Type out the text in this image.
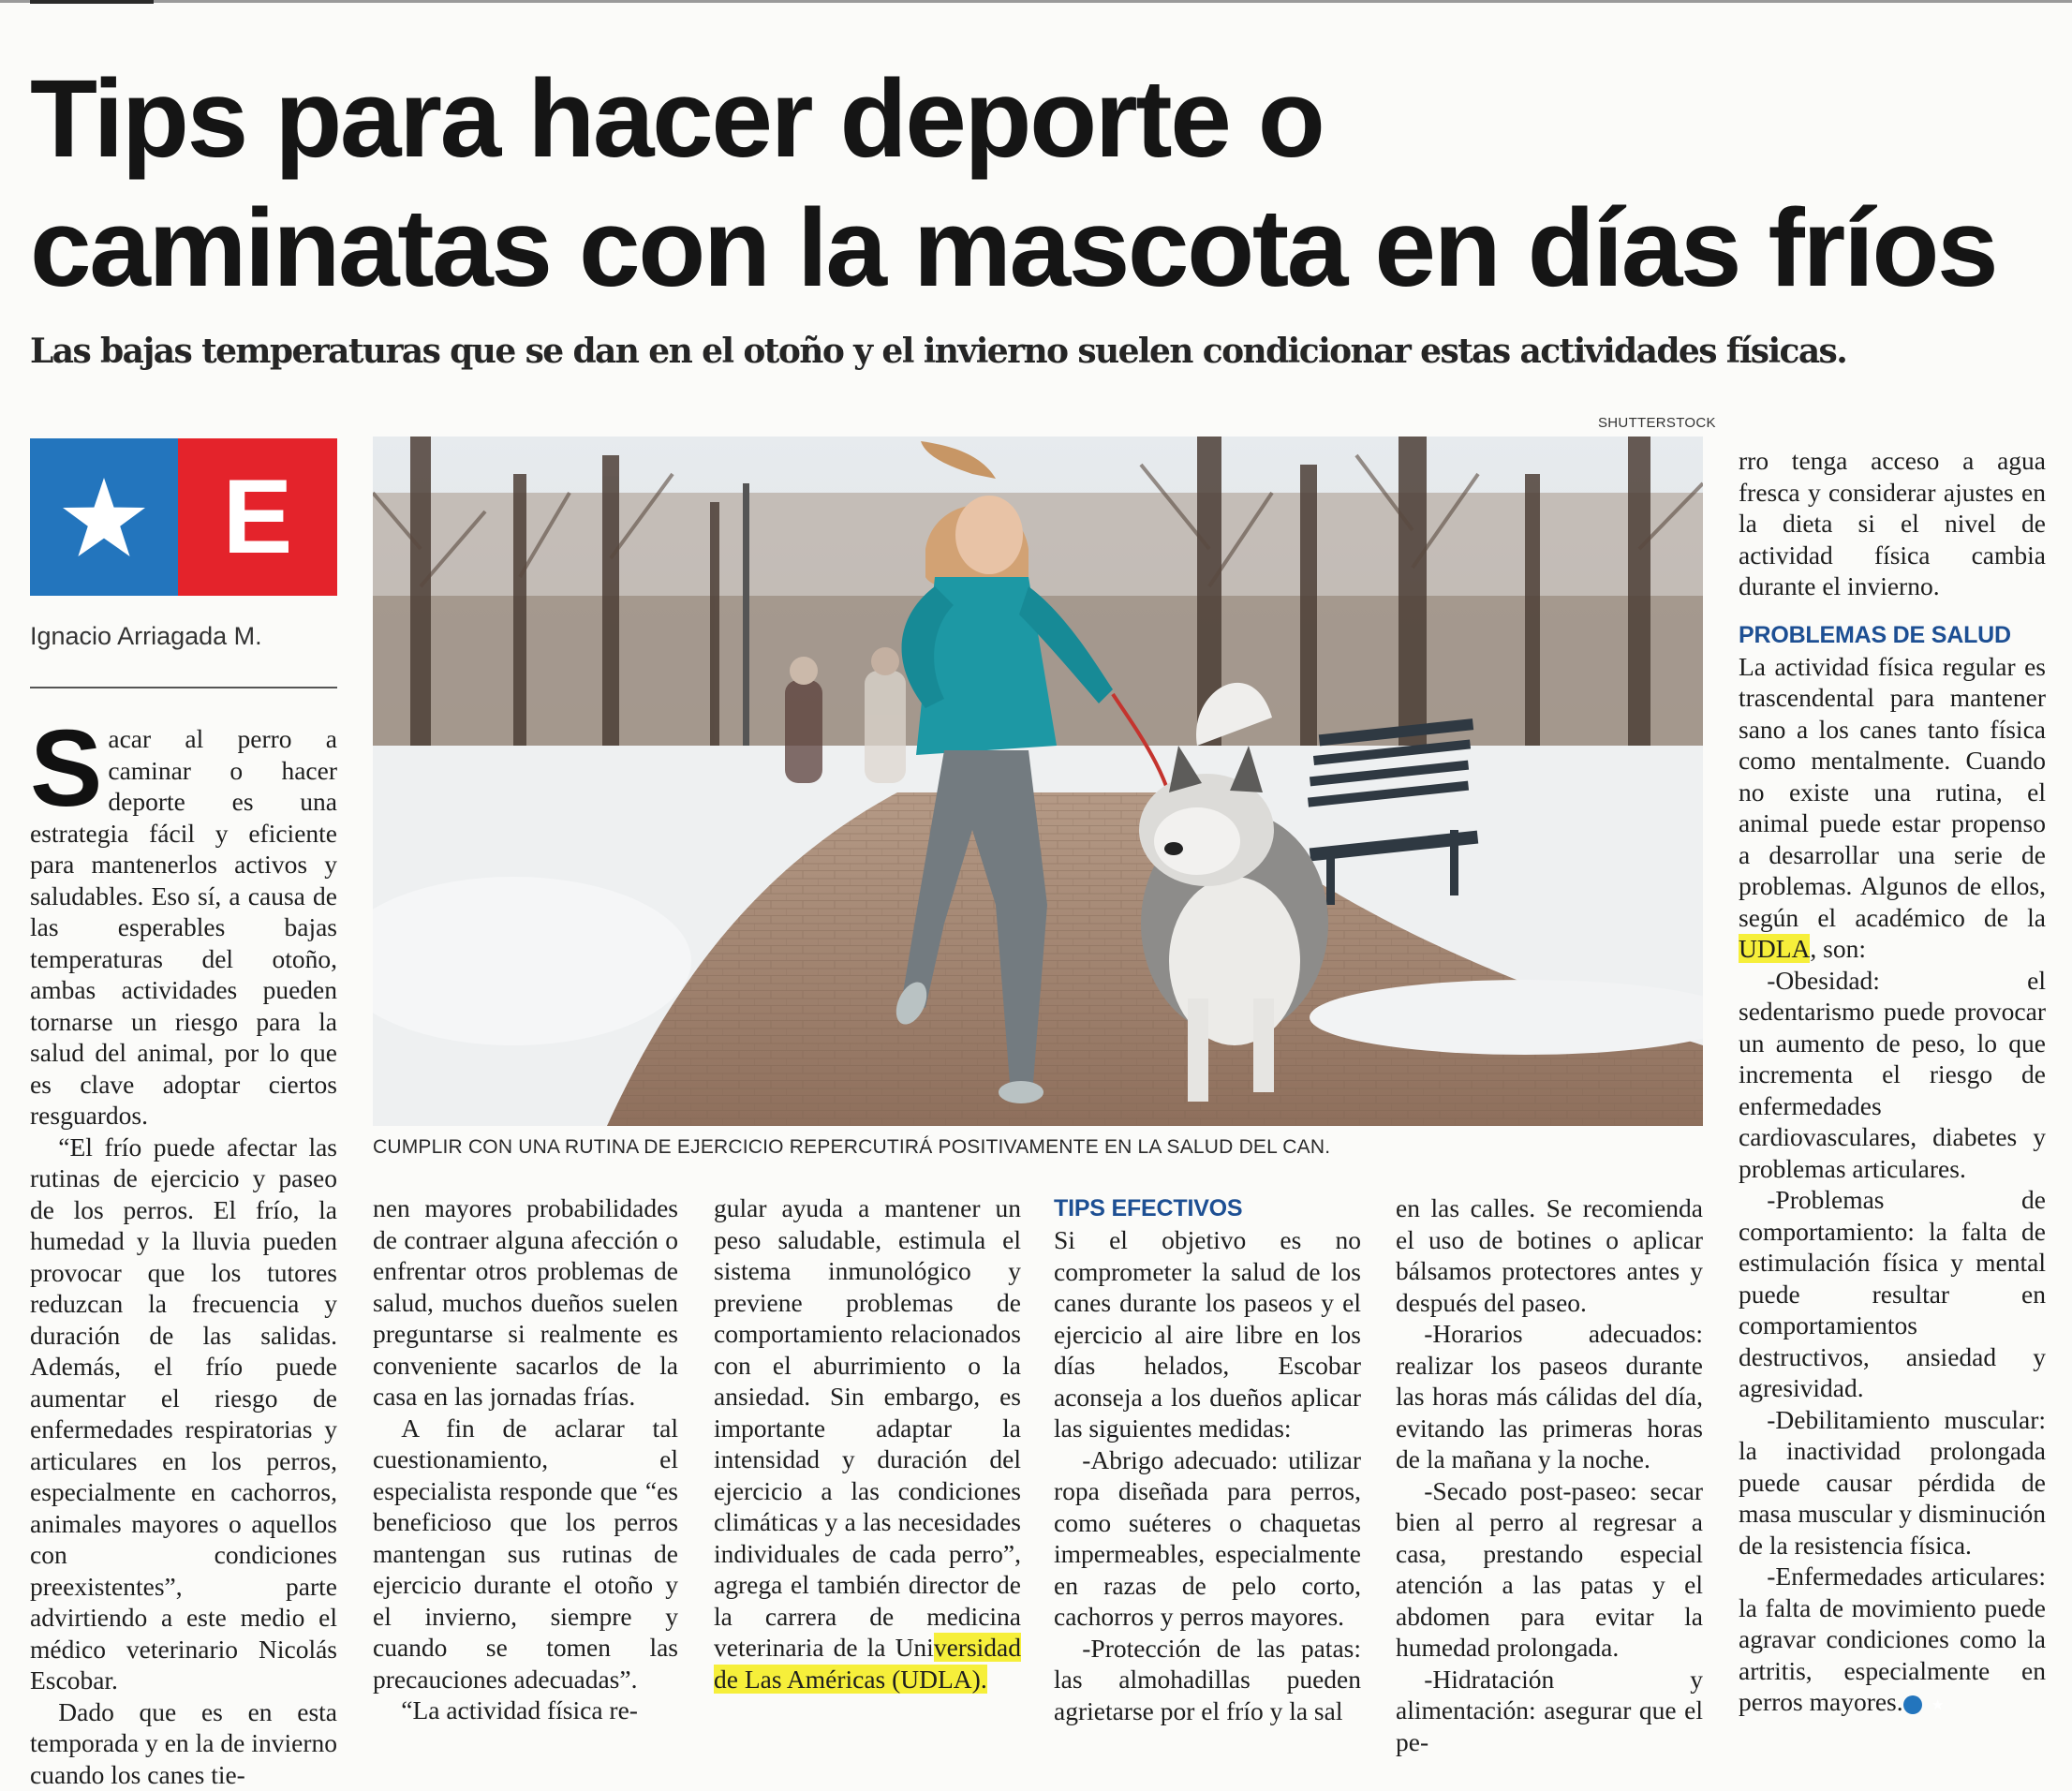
Tips para hacer deporte o
caminatas con la mascota en días fríos

Las bajas temperaturas que se dan en el otoño y el invierno suelen condicionar estas actividades físicas.

E
Ignacio Arriagada M.
SHUTTERSTOCK
CUMPLIR CON UNA RUTINA DE EJERCICIO REPERCUTIRÁ POSITIVAMENTE EN LA SALUD DEL CAN.

Sacar al perro a caminar o hacer deporte es una estrategia fácil y eficiente para mantenerlos activos y saludables. Eso sí, a causa de las esperables bajas temperaturas del otoño, ambas actividades pueden tornarse un riesgo para la salud del animal, por lo que es clave adoptar ciertos resguardos.

“El frío puede afectar las rutinas de ejercicio y paseo de los perros. El frío, la humedad y la lluvia pueden provocar que los tutores reduzcan la frecuencia y duración de las salidas. Además, el frío puede aumentar el riesgo de enfermedades respiratorias y articulares en los perros, especialmente en cachorros, animales mayores o aquellos con condiciones preexistentes”, parte advirtiendo a este medio el médico veterinario Nicolás Escobar.

Dado que es en esta temporada y en la de invierno cuando los canes tie-

nen mayores probabilidades de contraer alguna afección o enfrentar otros problemas de salud, muchos dueños suelen preguntarse si realmente es conveniente sacarlos de la casa en las jornadas frías.

A fin de aclarar tal cuestionamiento, el especialista responde que “es beneficioso que los perros mantengan sus rutinas de ejercicio durante el otoño y el invierno, siempre y cuando se tomen las precauciones adecuadas”.

“La actividad física re-

gular ayuda a mantener un peso saludable, estimula el sistema inmunológico y previene problemas de comportamiento relacionados con el aburrimiento o la ansiedad. Sin embargo, es importante adaptar la intensidad y duración del ejercicio a las condiciones climáticas y a las necesidades individuales de cada perro”, agrega el también director de la carrera de medicina veterinaria de la Universidad de Las Américas (UDLA).

TIPS EFECTIVOS

Si el objetivo es no comprometer la salud de los canes durante los paseos y el ejercicio al aire libre en los días helados, Escobar aconseja a los dueños aplicar las siguientes medidas:

-Abrigo adecuado: utilizar ropa diseñada para perros, como suéteres o chaquetas impermeables, especialmente en razas de pelo corto, cachorros y perros mayores.

-Protección de las patas: las almohadillas pueden agrietarse por el frío y la sal

en las calles. Se recomienda el uso de botines o aplicar bálsamos protectores antes y después del paseo.

-Horarios adecuados: realizar los paseos durante las horas más cálidas del día, evitando las primeras horas de la mañana y la noche.

-Secado post-paseo: secar bien al perro al regresar a casa, prestando especial atención a las patas y el abdomen para evitar la humedad prolongada.

-Hidratación y alimentación: asegurar que el pe-

rro tenga acceso a agua fresca y considerar ajustes en la dieta si el nivel de actividad física cambia durante el invierno.

PROBLEMAS DE SALUD

La actividad física regular es trascendental para mantener sano a los canes tanto física como mentalmente. Cuando no existe una rutina, el animal puede estar propenso a desarrollar una serie de problemas. Algunos de ellos, según el académico de la UDLA, son:

-Obesidad: el sedentarismo puede provocar un aumento de peso, lo que incrementa el riesgo de enfermedades cardiovasculares, diabetes y problemas articulares.

-Problemas de comportamiento: la falta de estimulación física y mental puede resultar en comportamientos destructivos, ansiedad y agresividad.

-Debilitamiento muscular: la inactividad prolongada puede causar pérdida de masa muscular y disminución de la resistencia física.

-Enfermedades articulares: la falta de movimiento puede agravar condiciones como la artritis, especialmente en perros mayores. ★
